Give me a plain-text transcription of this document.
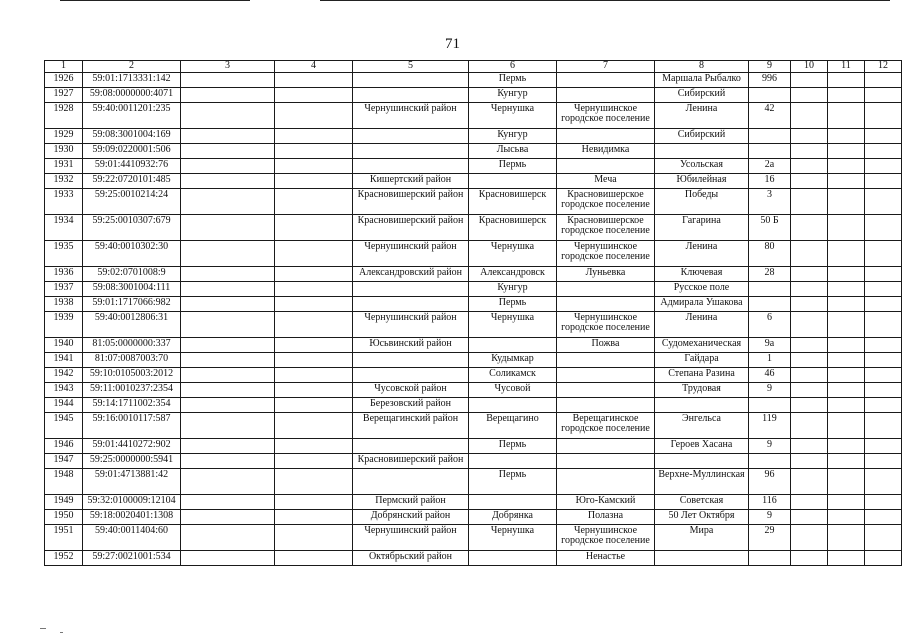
71
1	2	3	4	5	6	7	8	9	10	11	12
1926	59:01:1713331:142				Пермь		Маршала Рыбалко	996			
1927	59:08:0000000:4071				Кунгур		Сибирский				
1928	59:40:0011201:235			Чернушинский район	Чернушка	Чернушинское городское поселение	Ленина	42			
1929	59:08:3001004:169				Кунгур		Сибирский				
1930	59:09:0220001:506				Лысьва	Невидимка					
1931	59:01:4410932:76				Пермь		Усольская	2а			
1932	59:22:0720101:485			Кишертский район		Меча	Юбилейная	16			
1933	59:25:0010214:24			Красновишерский район	Красновишерск	Красновишерское городское поселение	Победы	3			
1934	59:25:0010307:679			Красновишерский район	Красновишерск	Красновишерское городское поселение	Гагарина	50 Б			
1935	59:40:0010302:30			Чернушинский район	Чернушка	Чернушинское городское поселение	Ленина	80			
1936	59:02:0701008:9			Александровский район	Александровск	Луньевка	Ключевая	28			
1937	59:08:3001004:111				Кунгур		Русское поле				
1938	59:01:1717066:982				Пермь		Адмирала Ушакова				
1939	59:40:0012806:31			Чернушинский район	Чернушка	Чернушинское городское поселение	Ленина	6			
1940	81:05:0000000:337			Юсьвинский район		Пожва	Судомеханическая	9а			
1941	81:07:0087003:70				Кудымкар		Гайдара	1			
1942	59:10:0105003:2012				Соликамск		Степана Разина	46			
1943	59:11:0010237:2354			Чусовской район	Чусовой		Трудовая	9			
1944	59:14:1711002:354			Березовский район							
1945	59:16:0010117:587			Верещагинский район	Верещагино	Верещагинское городское поселение	Энгельса	119			
1946	59:01:4410272:902				Пермь		Героев Хасана	9			
1947	59:25:0000000:5941			Красновишерский район							
1948	59:01:4713881:42				Пермь		Верхне-Муллинская	96			
1949	59:32:0100009:12104			Пермский район		Юго-Камский	Советская	116			
1950	59:18:0020401:1308			Добрянский район	Добрянка	Полазна	50 Лет Октября	9			
1951	59:40:0011404:60			Чернушинский район	Чернушка	Чернушинское городское поселение	Мира	29			
1952	59:27:0021001:534			Октябрьский район		Ненастье					
